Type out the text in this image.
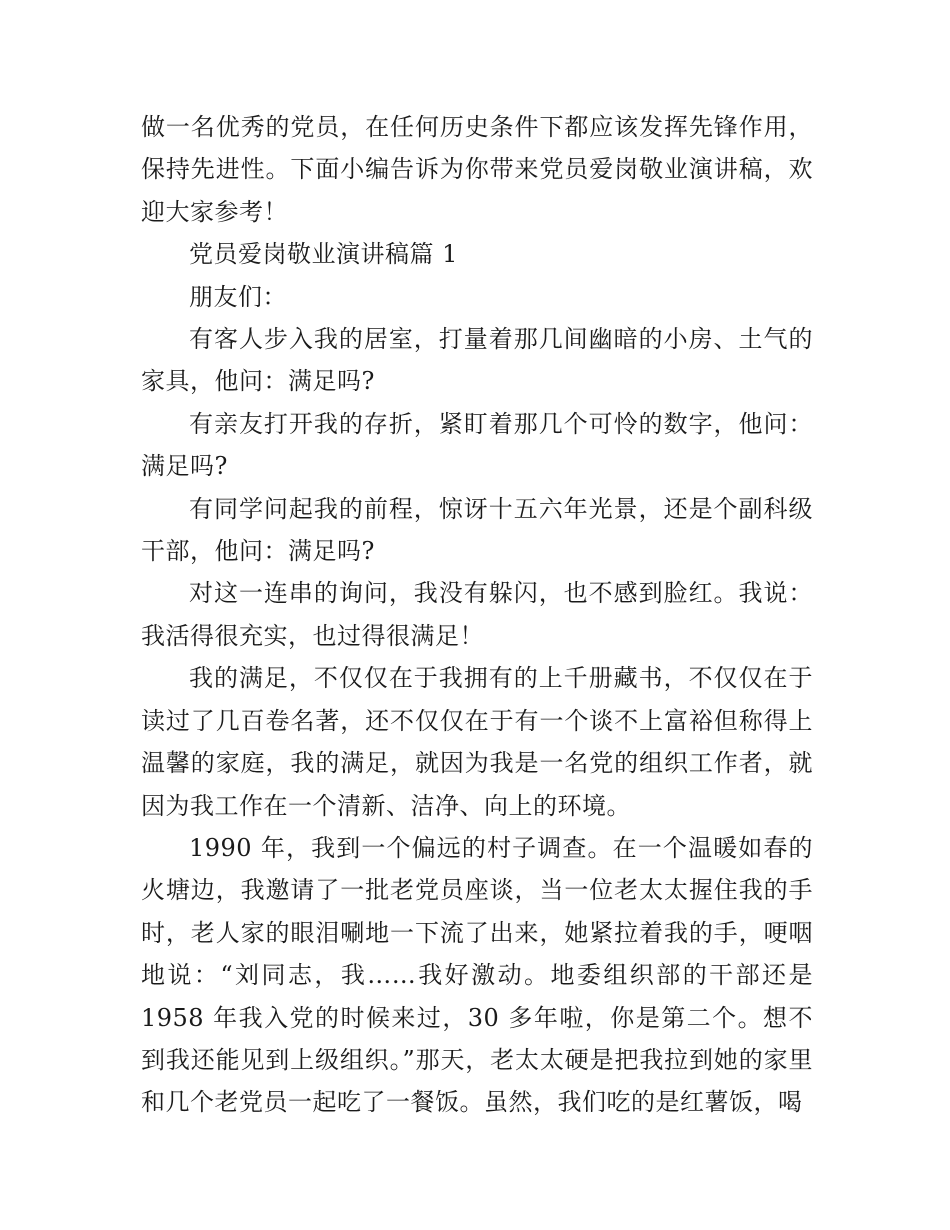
做一名优秀的党员，在任何历史条件下都应该发挥先锋作用，保持先进性。下面小编告诉为你带来党员爱岗敬业演讲稿，欢迎大家参考！

党员爱岗敬业演讲稿篇 1

朋友们：

有客人步入我的居室，打量着那几间幽暗的小房、土气的家具，他问：满足吗?

有亲友打开我的存折，紧盯着那几个可怜的数字，他问：满足吗?

有同学问起我的前程，惊讶十五六年光景，还是个副科级干部，他问：满足吗?

对这一连串的询问，我没有躲闪，也不感到脸红。我说：我活得很充实，也过得很满足！

我的满足，不仅仅在于我拥有的上千册藏书，不仅仅在于读过了几百卷名著，还不仅仅在于有一个谈不上富裕但称得上温馨的家庭，我的满足，就因为我是一名党的组织工作者，就因为我工作在一个清新、洁净、向上的环境。

1990 年，我到一个偏远的村子调查。在一个温暖如春的火塘边，我邀请了一批老党员座谈，当一位老太太握住我的手时，老人家的眼泪唰地一下流了出来，她紧拉着我的手，哽咽地说：“刘同志，我……我好激动。地委组织部的干部还是 1958 年我入党的时候来过，30 多年啦，你是第二个。想不到我还能见到上级组织。”那天，老太太硬是把我拉到她的家里和几个老党员一起吃了一餐饭。虽然，我们吃的是红薯饭，喝
